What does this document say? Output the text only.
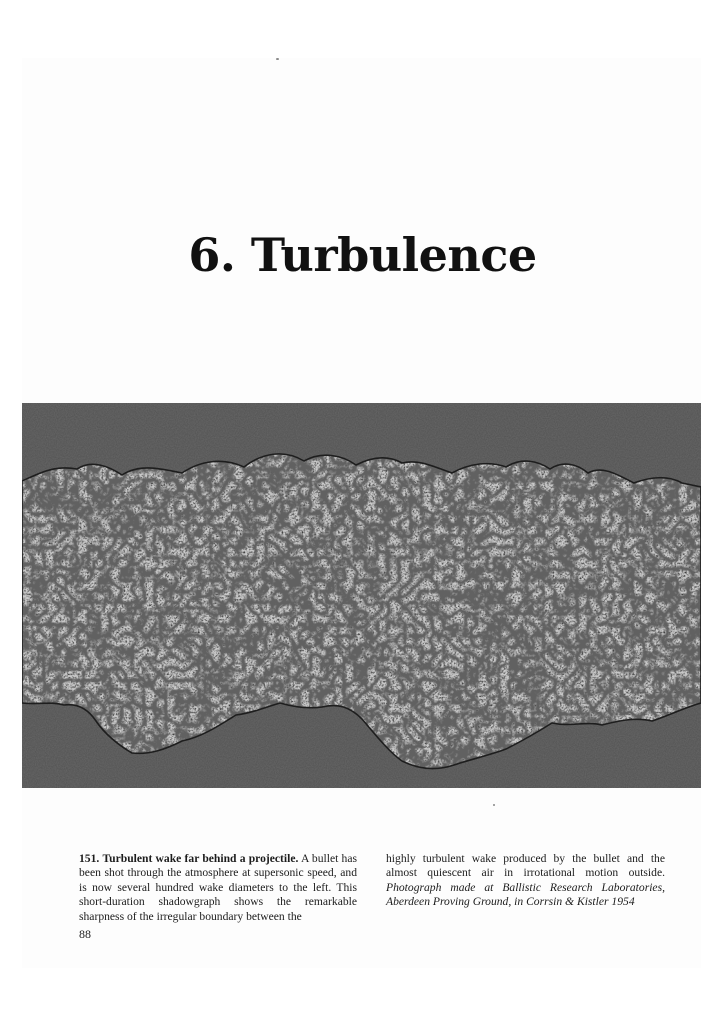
6. Turbulence

151. Turbulent wake far behind a projectile. A bullet has been shot through the atmosphere at supersonic speed, and is now several hundred wake diameters to the left. This short-duration shadowgraph shows the remarkable sharpness of the irregular boundary between the

highly turbulent wake produced by the bullet and the almost quiescent air in irrotational motion outside. Photograph made at Ballistic Research Laboratories, Aberdeen Proving Ground, in Corrsin & Kistler 1954

88
